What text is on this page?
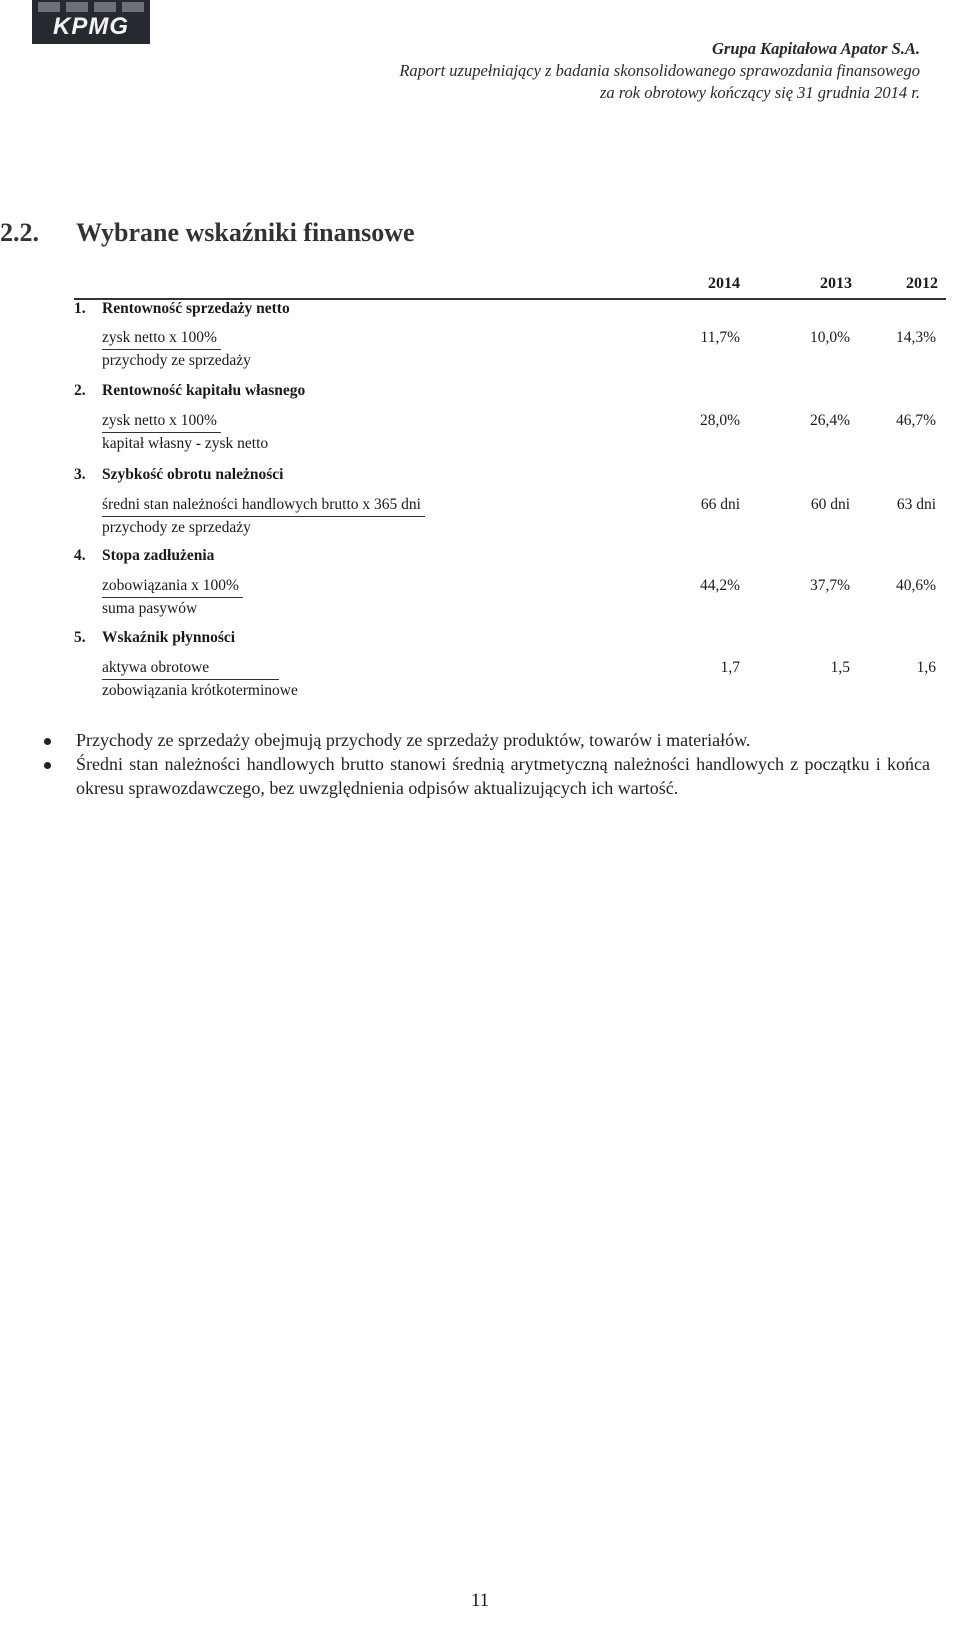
KPMG
Grupa Kapitałowa Apator S.A.
Raport uzupełniający z badania skonsolidowanego sprawozdania finansowego
za rok obrotowy kończący się 31 grudnia 2014 r.
2.2. Wybrane wskaźniki finansowe
2014	2013	2012
1. Rentowność sprzedaży netto
zysk netto x 100%
przychody ze sprzedaży
11,7%	10,0%	14,3%
2. Rentowność kapitału własnego
zysk netto x 100%
kapitał własny - zysk netto
28,0%	26,4%	46,7%
3. Szybkość obrotu należności
średni stan należności handlowych brutto x 365 dni
przychody ze sprzedaży
66 dni	60 dni	63 dni
4. Stopa zadłużenia
zobowiązania x 100%
suma pasywów
44,2%	37,7%	40,6%
5. Wskaźnik płynności
aktywa obrotowe
zobowiązania krótkoterminowe
1,7	1,5	1,6
Przychody ze sprzedaży obejmują przychody ze sprzedaży produktów, towarów i materiałów.
Średni stan należności handlowych brutto stanowi średnią arytmetyczną należności handlowych z początku i końca okresu sprawozdawczego, bez uwzględnienia odpisów aktualizujących ich wartość.
11
